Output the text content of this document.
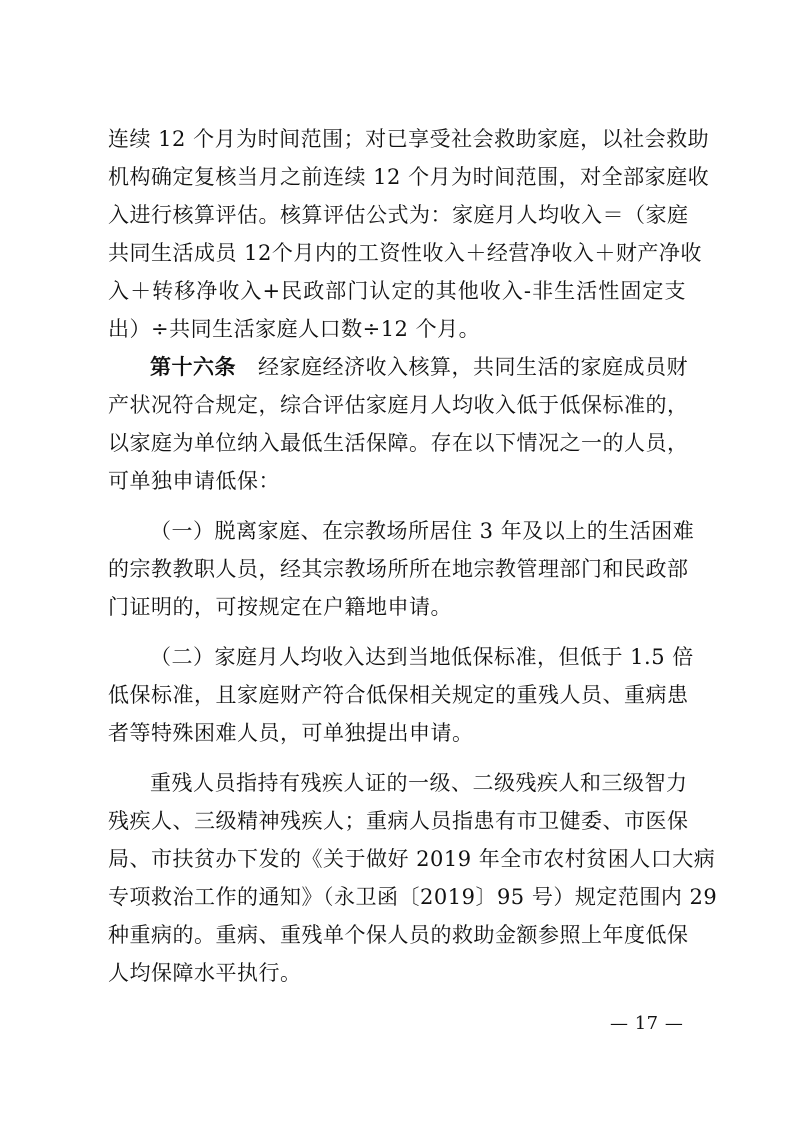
连续 12 个月为时间范围；对已享受社会救助家庭，以社会救助
机构确定复核当月之前连续 12 个月为时间范围，对全部家庭收
入进行核算评估。核算评估公式为：家庭月人均收入＝（家庭
共同生活成员 12个月内的工资性收入＋经营净收入＋财产净收
入＋转移净收入+民政部门认定的其他收入-非生活性固定支
出）÷共同生活家庭人口数÷12 个月。
第十六条 经家庭经济收入核算，共同生活的家庭成员财
产状况符合规定，综合评估家庭月人均收入低于低保标准的，
以家庭为单位纳入最低生活保障。存在以下情况之一的人员，
可单独申请低保：
（一）脱离家庭、在宗教场所居住 3 年及以上的生活困难
的宗教教职人员，经其宗教场所所在地宗教管理部门和民政部
门证明的，可按规定在户籍地申请。
（二）家庭月人均收入达到当地低保标准，但低于 1.5 倍
低保标准，且家庭财产符合低保相关规定的重残人员、重病患
者等特殊困难人员，可单独提出申请。
重残人员指持有残疾人证的一级、二级残疾人和三级智力
残疾人、三级精神残疾人；重病人员指患有市卫健委、市医保
局、市扶贫办下发的《关于做好 2019 年全市农村贫困人口大病
专项救治工作的通知》（永卫函〔2019〕95 号）规定范围内 29
种重病的。重病、重残单个保人员的救助金额参照上年度低保
人均保障水平执行。
— 17 —
